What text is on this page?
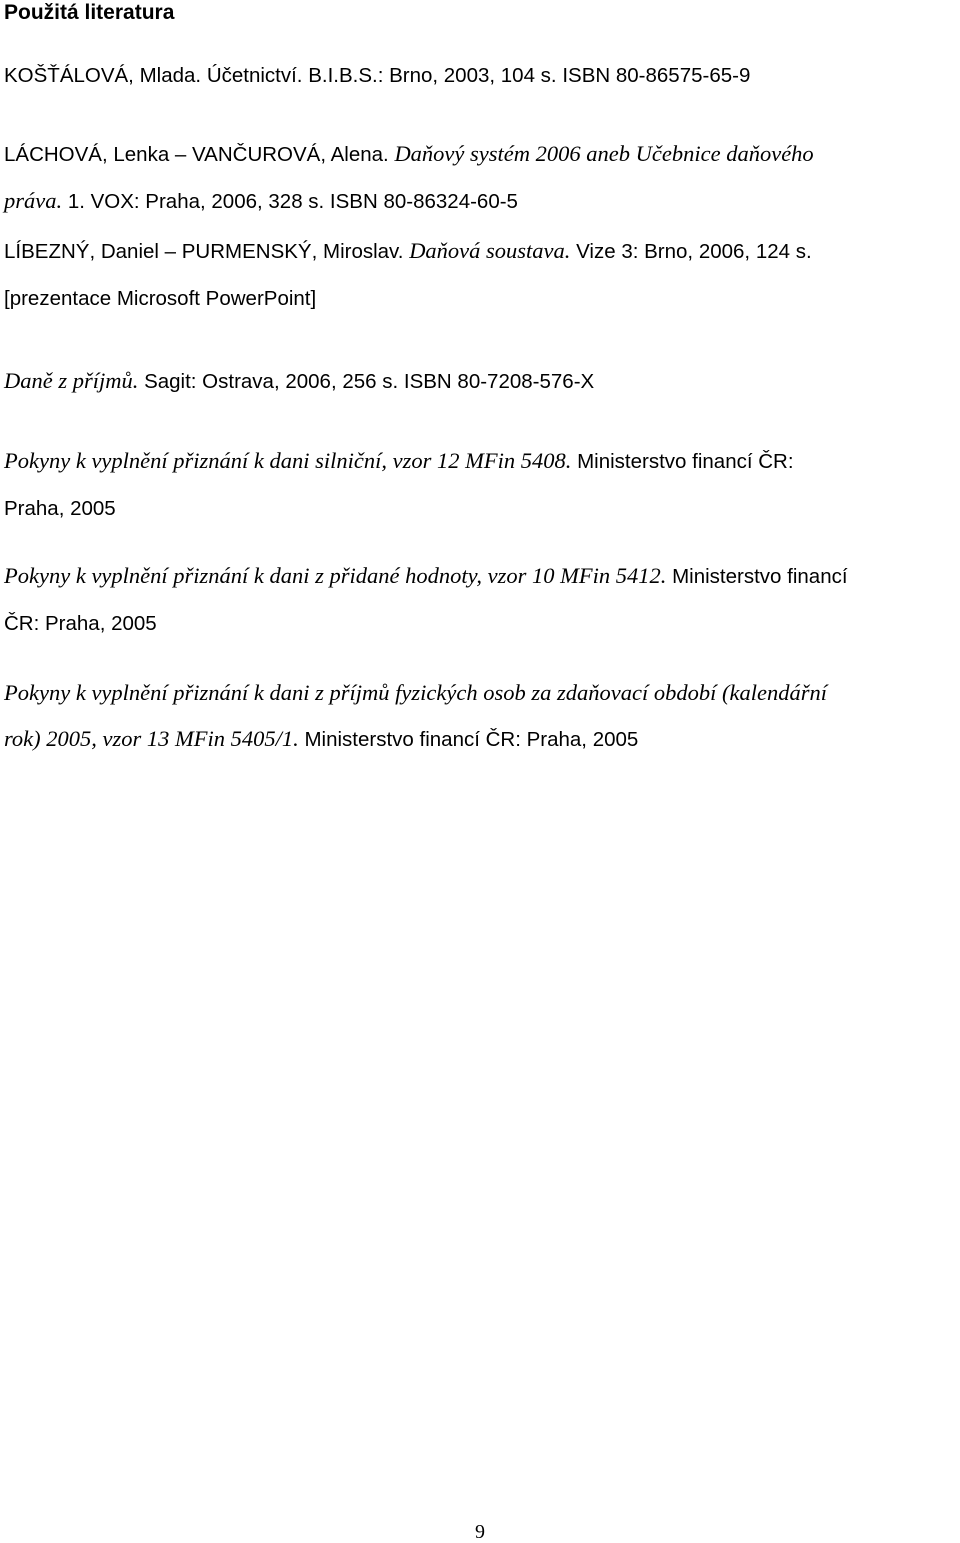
Použitá literatura
KOŠŤÁLOVÁ, Mlada. Účetnictví. B.I.B.S.: Brno, 2003, 104 s. ISBN 80-86575-65-9
LÁCHOVÁ, Lenka – VANČUROVÁ, Alena. Daňový systém 2006 aneb Učebnice daňového
práva. 1. VOX: Praha, 2006, 328 s. ISBN 80-86324-60-5
LÍBEZNÝ, Daniel – PURMENSKÝ, Miroslav. Daňová soustava. Vize 3: Brno, 2006, 124 s.
[prezentace Microsoft PowerPoint]
Daně z příjmů. Sagit: Ostrava, 2006, 256 s. ISBN 80-7208-576-X
Pokyny k vyplnění přiznání k dani silniční, vzor 12 MFin 5408. Ministerstvo financí ČR:
Praha, 2005
Pokyny k vyplnění přiznání k dani z přidané hodnoty, vzor 10 MFin 5412. Ministerstvo financí
ČR: Praha, 2005
Pokyny k vyplnění přiznání k dani z příjmů fyzických osob za zdaňovací období (kalendářní
rok) 2005, vzor 13 MFin 5405/1. Ministerstvo financí ČR: Praha, 2005
9
